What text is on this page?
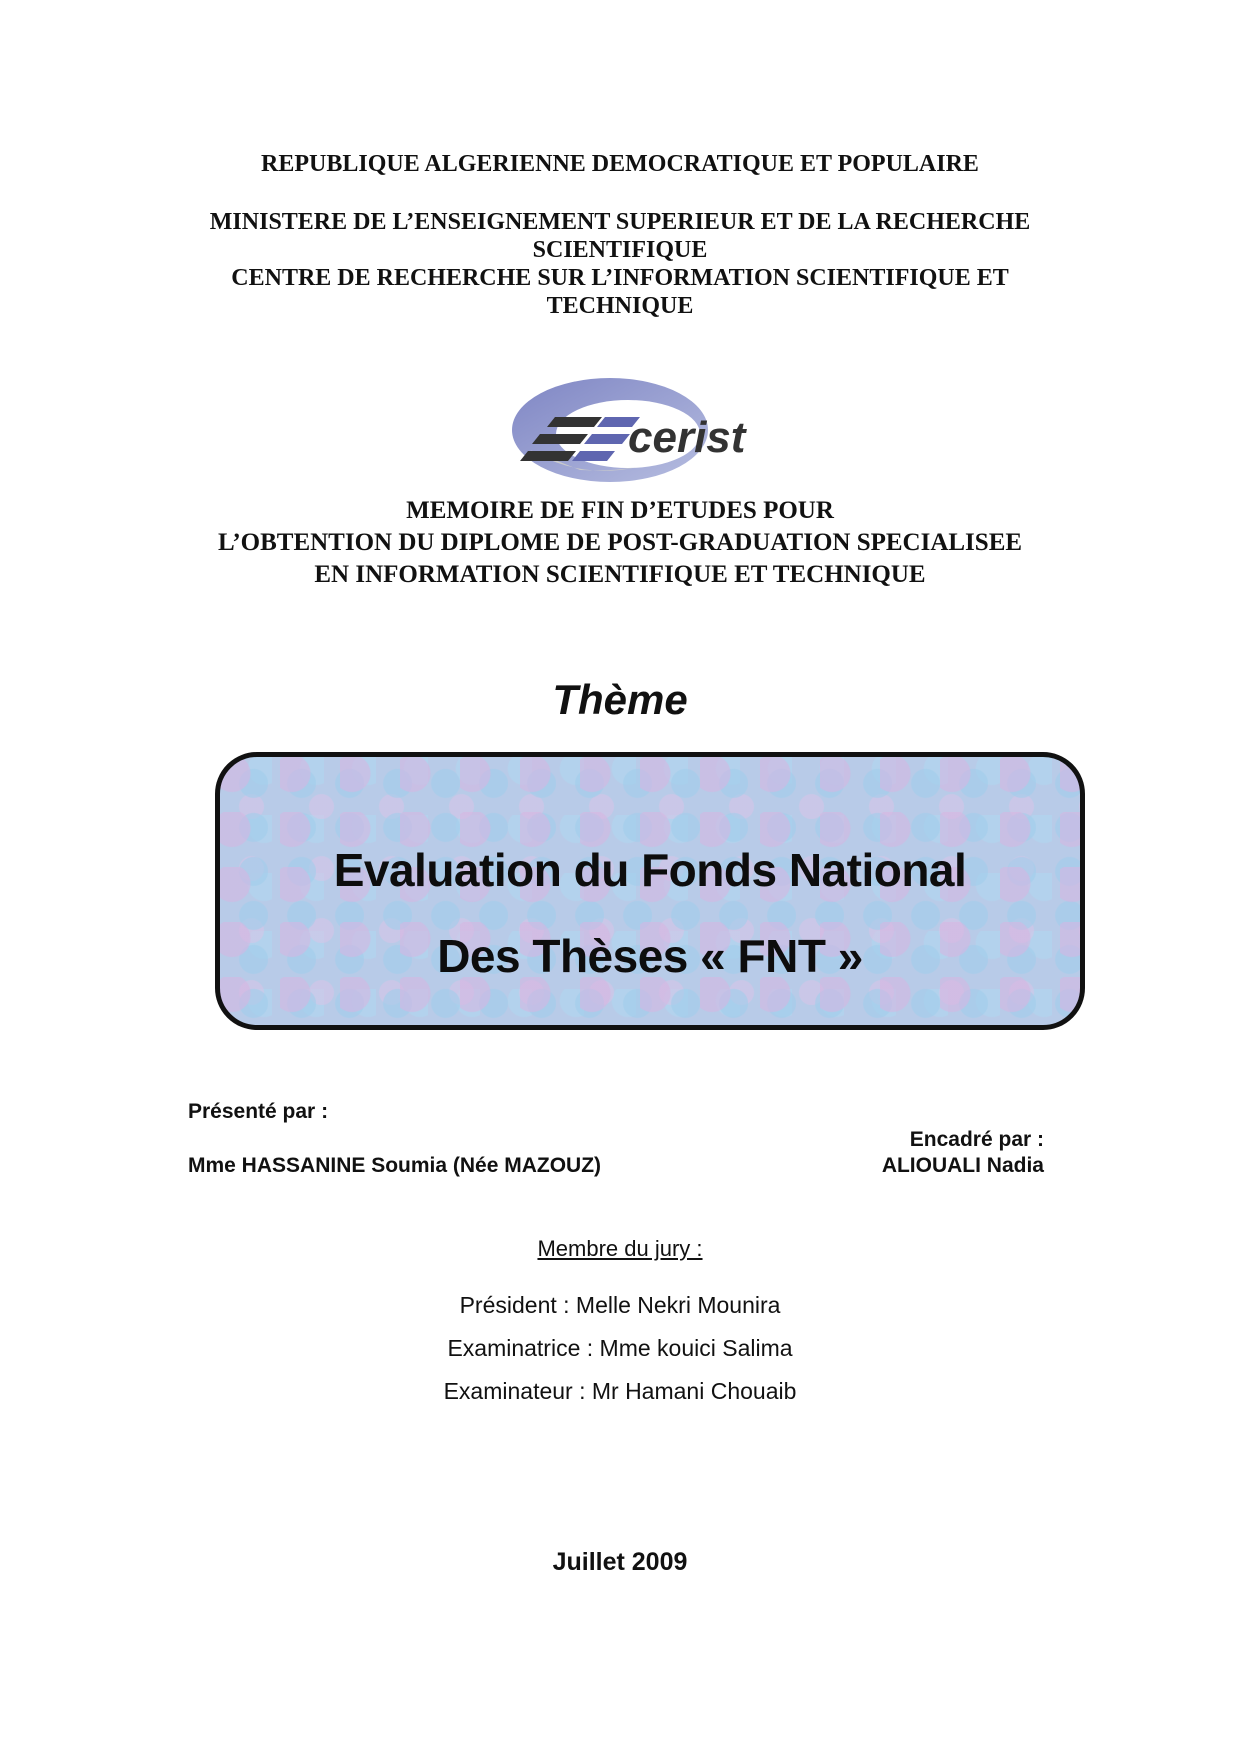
REPUBLIQUE ALGERIENNE DEMOCRATIQUE ET POPULAIRE
MINISTERE DE L’ENSEIGNEMENT SUPERIEUR ET DE LA RECHERCHE
SCIENTIFIQUE
CENTRE DE RECHERCHE SUR L’INFORMATION SCIENTIFIQUE ET
TECHNIQUE
cerist
MEMOIRE DE FIN D’ETUDES POUR
L’OBTENTION DU DIPLOME DE POST-GRADUATION SPECIALISEE
EN INFORMATION SCIENTIFIQUE ET TECHNIQUE
Thème
Evaluation du Fonds National
Des Thèses « FNT »
Présenté par :
Mme HASSANINE Soumia (Née MAZOUZ)
Encadré par :
ALIOUALI Nadia
Membre du jury :
Président : Melle Nekri Mounira
Examinatrice : Mme kouici Salima
Examinateur : Mr Hamani Chouaib
Juillet 2009
